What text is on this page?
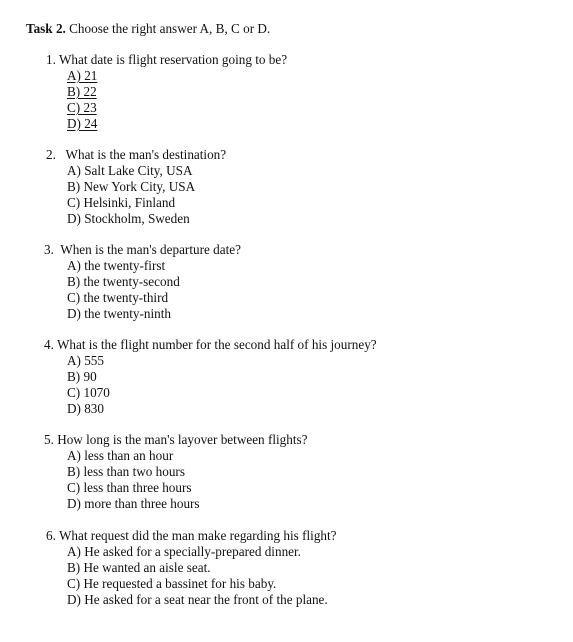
Task 2. Choose the right answer A, B, C or D.
1. What date is flight reservation going to be?
A) 21
B) 22
C) 23
D) 24
2.   What is the man's destination?
A) Salt Lake City, USA
B) New York City, USA
C) Helsinki, Finland
D) Stockholm, Sweden
3.  When is the man's departure date?
A) the twenty-first
B) the twenty-second
C) the twenty-third
D) the twenty-ninth
4. What is the flight number for the second half of his journey?
A) 555
B) 90
C) 1070
D) 830
5. How long is the man's layover between flights?
A) less than an hour
B) less than two hours
C) less than three hours
D) more than three hours
6. What request did the man make regarding his flight?
A) He asked for a specially-prepared dinner.
B) He wanted an aisle seat.
C) He requested a bassinet for his baby.
D) He asked for a seat near the front of the plane.
